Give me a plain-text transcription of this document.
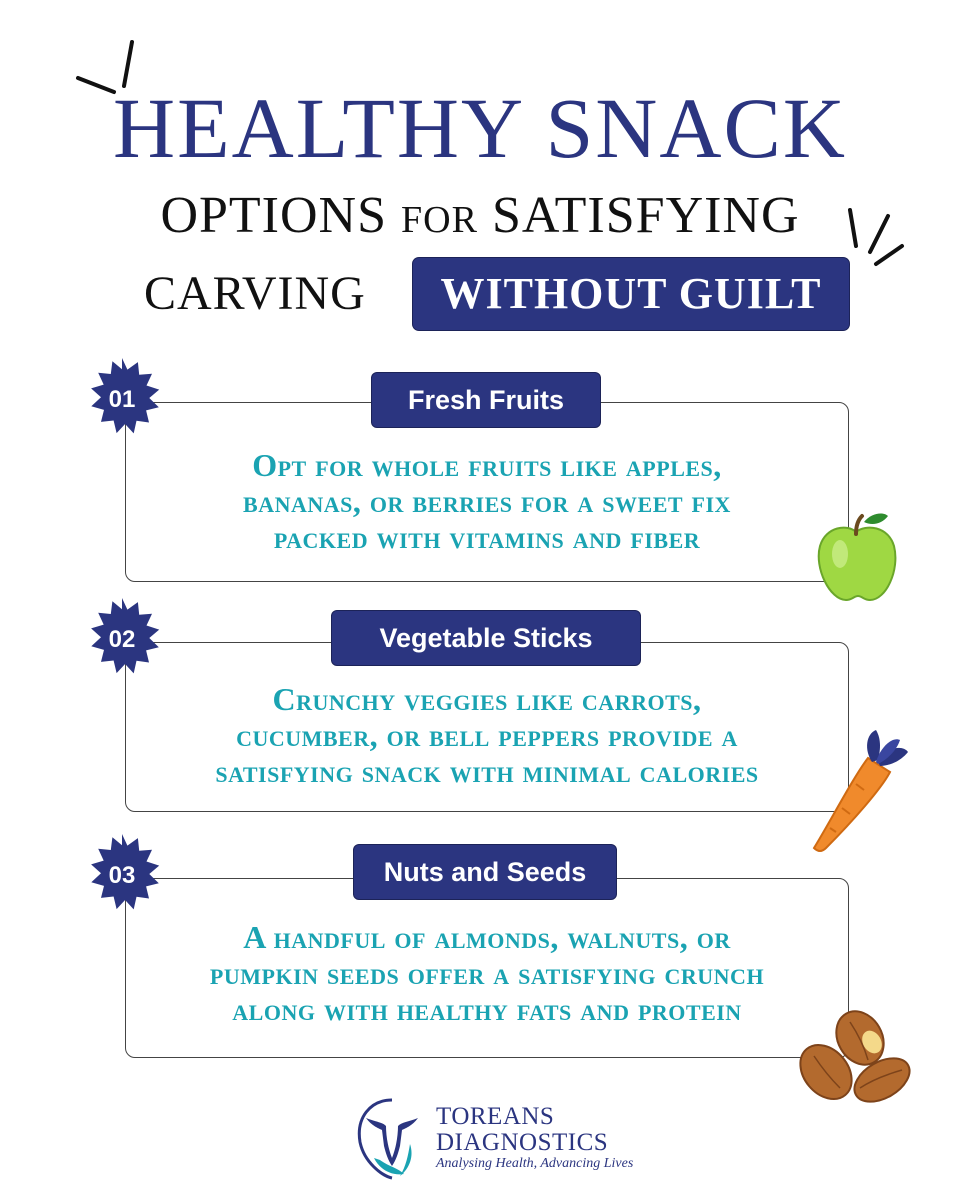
HEALTHY SNACK
OPTIONS FOR SATISFYING
CARVING	WITHOUT GUILT
Opt for whole fruits like apples,
bananas, or berries for a sweet fix
packed with vitamins and fiber
Fresh Fruits
01
Crunchy veggies like carrots,
cucumber, or bell peppers provide a
satisfying snack with minimal calories
Vegetable Sticks
02
A handful of almonds, walnuts, or
pumpkin seeds offer a satisfying crunch
along with healthy fats and protein
Nuts and Seeds
03
TOREANS
DIAGNOSTICS
Analysing Health, Advancing Lives
